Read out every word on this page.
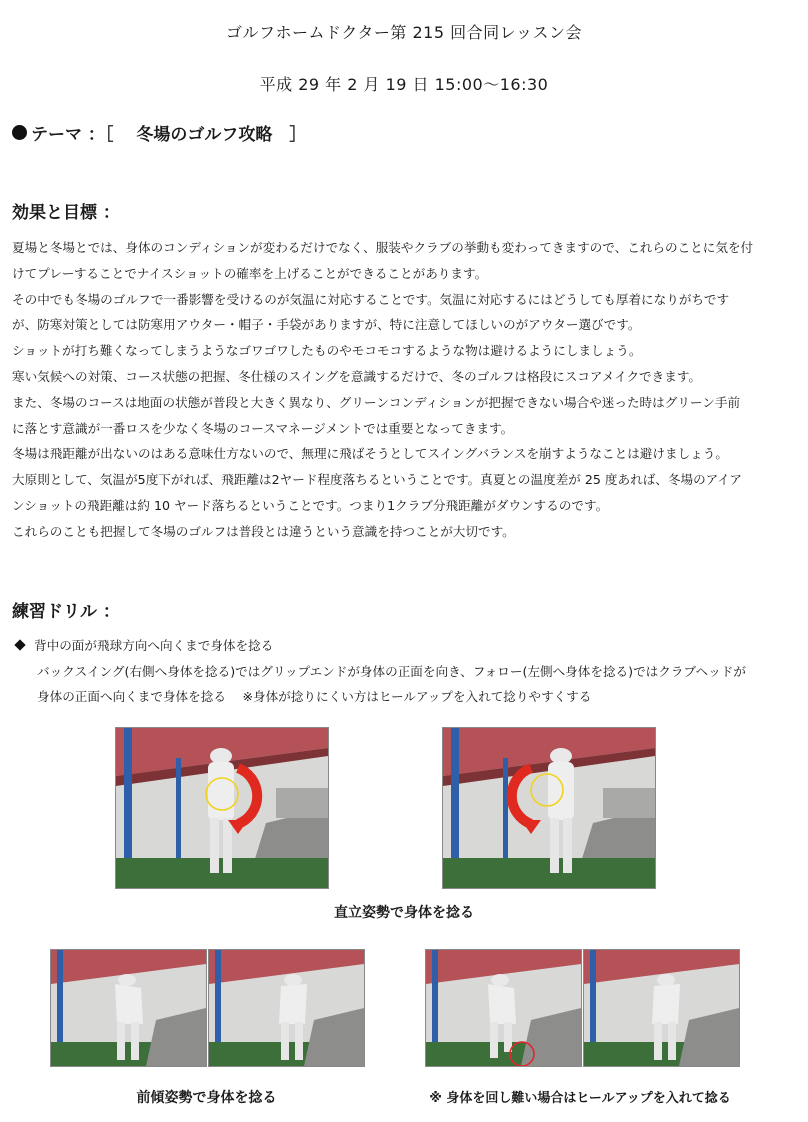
ゴルフホームドクター第 215 回合同レッスン会
平成 29 年 2 月 19 日 15:00〜16:30
テーマ ：［　 冬場のゴルフ攻略　］
効果と目標 ：
夏場と冬場とでは、身体のコンディションが変わるだけでなく、服装やクラブの挙動も変わってきますので、これらのことに気を付
けてプレーすることでナイスショットの確率を上げることができることがあります。
その中でも冬場のゴルフで一番影響を受けるのが気温に対応することです。気温に対応するにはどうしても厚着になりがちです
が、防寒対策としては防寒用アウター・帽子・手袋がありますが、特に注意してほしいのがアウター選びです。
ショットが打ち難くなってしまうようなゴワゴワしたものやモコモコするような物は避けるようにしましょう。
寒い気候への対策、コース状態の把握、冬仕様のスイングを意識するだけで、冬のゴルフは格段にスコアメイクできます。
また、冬場のコースは地面の状態が普段と大きく異なり、グリーンコンディションが把握できない場合や迷った時はグリーン手前
に落とす意識が一番ロスを少なく冬場のコースマネージメントでは重要となってきます。
冬場は飛距離が出ないのはある意味仕方ないので、無理に飛ばそうとしてスイングバランスを崩すようなことは避けましょう。
大原則として、気温が5度下がれば、飛距離は2ヤード程度落ちるということです。真夏との温度差が 25 度あれば、冬場のアイア
ンショットの飛距離は約 10 ヤード落ちるということです。つまり1クラブ分飛距離がダウンするのです。
これらのことも把握して冬場のゴルフは普段とは違うという意識を持つことが大切です。
練習ドリル ：
背中の面が飛球方向へ向くまで身体を捻る
バックスイング(右側へ身体を捻る)ではグリップエンドが身体の正面を向き、フォロー(左側へ身体を捻る)ではクラブヘッドが
身体の正面へ向くまで身体を捻る　 ※身体が捻りにくい方はヒールアップを入れて捻りやすくする
直立姿勢で身体を捻る
前傾姿勢で身体を捻る	※ 身体を回し難い場合はヒールアップを入れて捻る
